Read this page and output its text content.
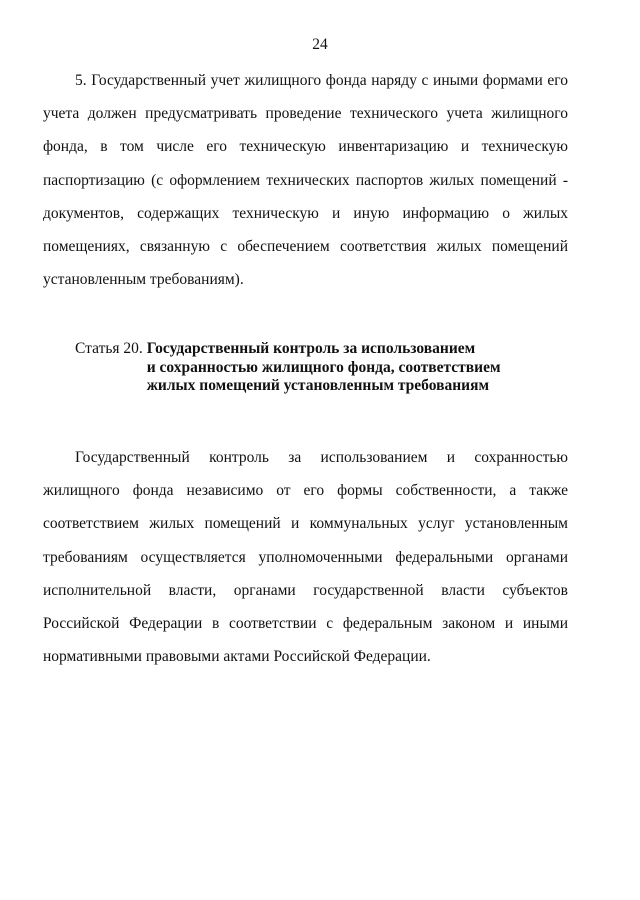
24

5. Государственный учет жилищного фонда наряду с иными формами его учета должен предусматривать проведение технического учета жилищного фонда, в том числе его техническую инвентаризацию и техническую паспортизацию (с оформлением технических паспортов жилых помещений - документов, содержащих техническую и иную информацию о жилых помещениях, связанную с обеспечением соответствия жилых помещений установленным требованиям).

Статья 20. Государственный контроль за использованием
и сохранностью жилищного фонда, соответствием
жилых помещений установленным требованиям

Государственный контроль за использованием и сохранностью жилищного фонда независимо от его формы собственности, а также соответствием жилых помещений и коммунальных услуг установленным требованиям осуществляется уполномоченными федеральными органами исполнительной власти, органами государственной власти субъектов Российской Федерации в соответствии с федеральным законом и иными нормативными правовыми актами Российской Федерации.
